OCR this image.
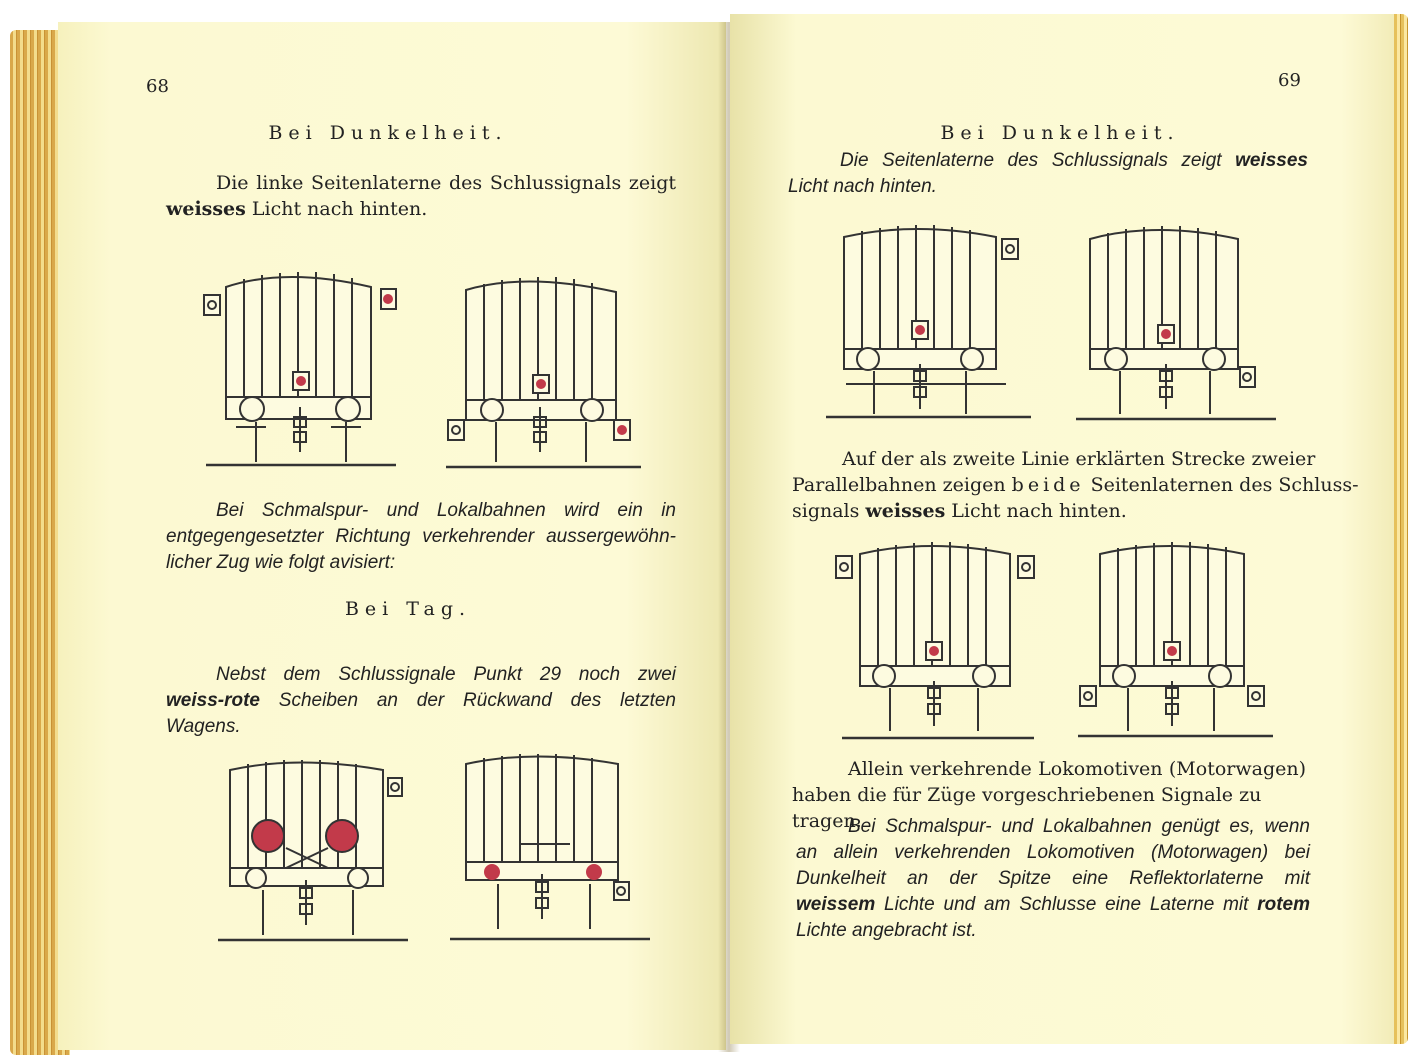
68
Bei Dunkelheit.
Die linke Seitenlaterne des Schlussignals zeigt
weisses Licht nach hinten.
Bei Schmalspur- und Lokalbahnen wird ein in
entgegengesetzter Richtung verkehrender aussergewöhn-
licher Zug wie folgt avisiert:
Bei Tag.
Nebst dem Schlussignale Punkt 29 noch zwei
weiss-rote Scheiben an der Rückwand des letzten
Wagens.
69
Bei Dunkelheit.
Die Seitenlaterne des Schlussignals zeigt weisses
Licht nach hinten.
Auf der als zweite Linie erklärten Strecke zweier
Parallelbahnen zeigen beide Seitenlaternen des Schluss-
signals weisses Licht nach hinten.
Allein verkehrende Lokomotiven (Motorwagen)
haben die für Züge vorgeschriebenen Signale zu tragen.
Bei Schmalspur- und Lokalbahnen genügt es, wenn
an allein verkehrenden Lokomotiven (Motorwagen) bei
Dunkelheit an der Spitze eine Reflektorlaterne mit
weissem Lichte und am Schlusse eine Laterne mit rotem
Lichte angebracht ist.
